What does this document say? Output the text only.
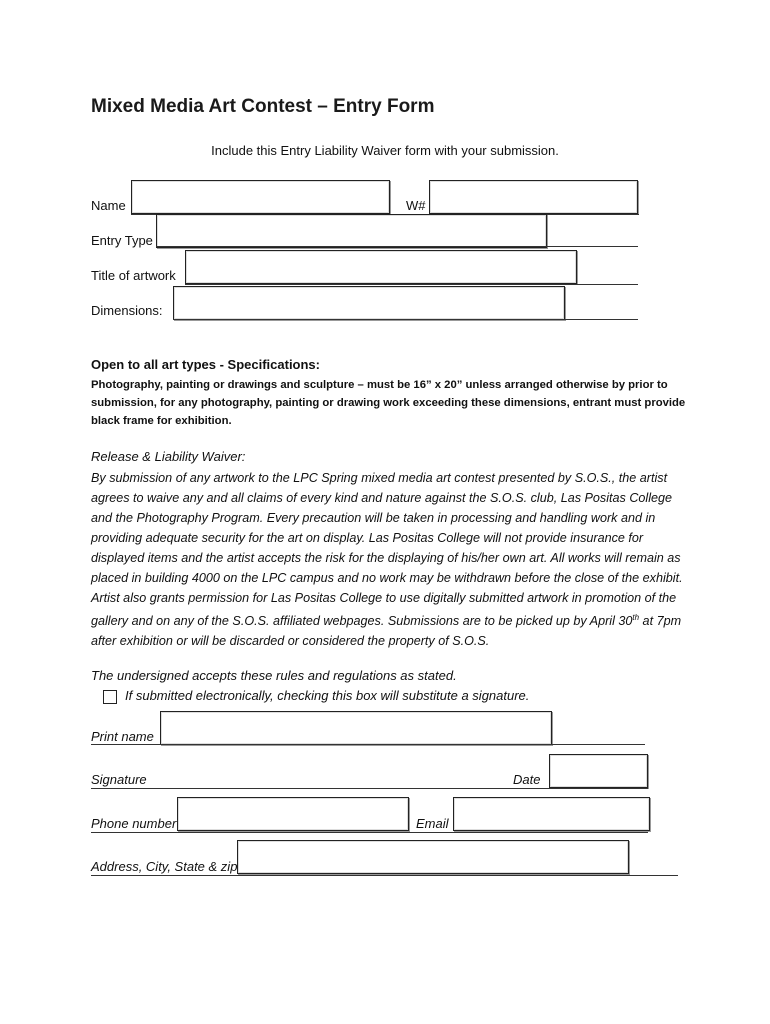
Mixed Media Art Contest – Entry Form
Include this Entry Liability Waiver form with your submission.
Name	W#
Entry Type
Title of artwork
Dimensions:
Open to all art types - Specifications:
Photography, painting or drawings and sculpture – must be 16” x 20” unless arranged otherwise by prior to submission, for any photography, painting or drawing work exceeding these dimensions, entrant must provide black frame for exhibition.
Release & Liability Waiver:
By submission of any artwork to the LPC Spring mixed media art contest presented by S.O.S., the artist agrees to waive any and all claims of every kind and nature against the S.O.S. club, Las Positas College and the Photography Program. Every precaution will be taken in processing and handling work and in providing adequate security for the art on display. Las Positas College will not provide insurance for displayed items and the artist accepts the risk for the displaying of his/her own art. All works will remain as placed in building 4000 on the LPC campus and no work may be withdrawn before the close of the exhibit. Artist also grants permission for Las Positas College to use digitally submitted artwork in promotion of the gallery and on any of the S.O.S. affiliated webpages. Submissions are to be picked up by April 30th at 7pm after exhibition or will be discarded or considered the property of S.O.S.
The undersigned accepts these rules and regulations as stated.
If submitted electronically, checking this box will substitute a signature.
Print name
Signature	Date
Phone number	Email
Address, City, State & zip
